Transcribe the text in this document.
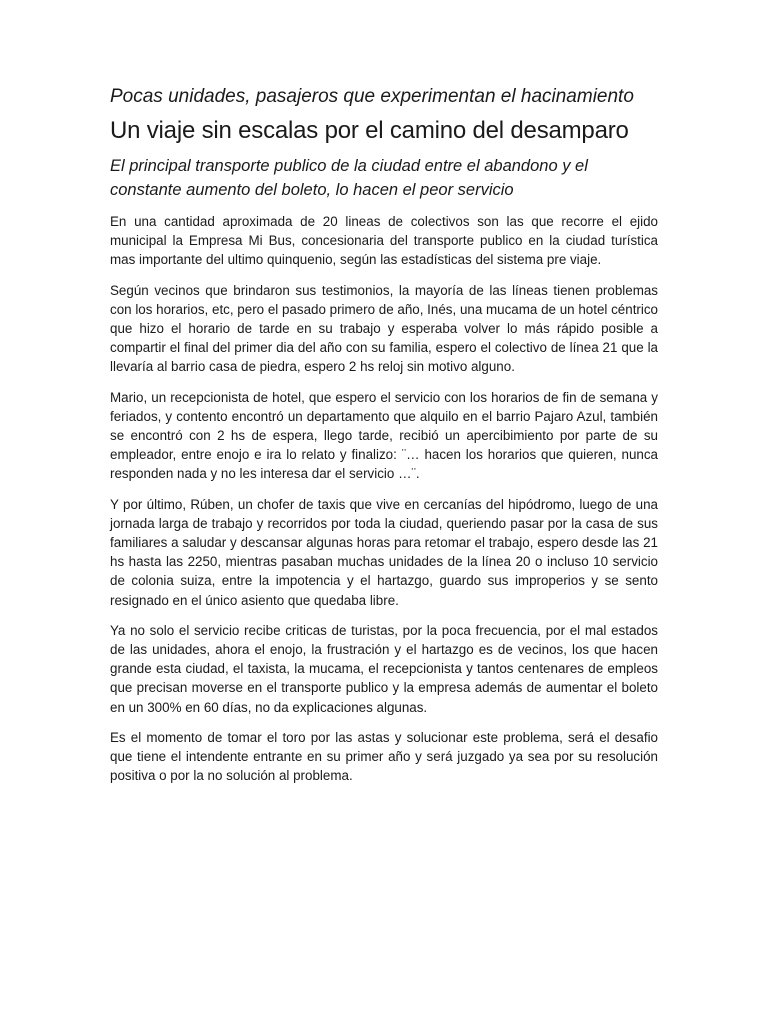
Pocas unidades, pasajeros que experimentan el hacinamiento
Un viaje sin escalas por el camino del desamparo
El principal transporte publico de la ciudad entre el abandono y el constante aumento del boleto, lo hacen el peor servicio

En una cantidad aproximada de 20 lineas de colectivos son las que recorre el ejido municipal la Empresa Mi Bus, concesionaria del transporte publico en la ciudad turística mas importante del ultimo quinquenio, según las estadísticas del sistema pre viaje.

Según vecinos que brindaron sus testimonios, la mayoría de las líneas tienen problemas con los horarios, etc, pero el pasado primero de año, Inés, una mucama de un hotel céntrico que hizo el horario de tarde en su trabajo y esperaba volver lo más rápido posible a compartir el final del primer dia del año con su familia, espero el colectivo de línea 21 que la llevaría al barrio casa de piedra, espero 2 hs reloj sin motivo alguno.

Mario, un recepcionista de hotel, que espero el servicio con los horarios de fin de semana y feriados, y contento encontró un departamento que alquilo en el barrio Pajaro Azul, también se encontró con 2 hs de espera, llego tarde, recibió un apercibimiento por parte de su empleador, entre enojo e ira lo relato y finalizo: ¨… hacen los horarios que quieren, nunca responden nada y no les interesa dar el servicio …¨.

Y por último, Rúben, un chofer de taxis que vive en cercanías del hipódromo, luego de una jornada larga de trabajo y recorridos por toda la ciudad, queriendo pasar por la casa de sus familiares a saludar y descansar algunas horas para retomar el trabajo, espero desde las 21 hs hasta las 2250, mientras pasaban muchas unidades de la línea 20 o incluso 10 servicio de colonia suiza, entre la impotencia y el hartazgo, guardo sus improperios y se sento resignado en el único asiento que quedaba libre.

Ya no solo el servicio recibe criticas de turistas, por la poca frecuencia, por el mal estados de las unidades, ahora el enojo, la frustración y el hartazgo es de vecinos, los que hacen grande esta ciudad, el taxista, la mucama, el recepcionista y tantos centenares de empleos que precisan moverse en el transporte publico y la empresa además de aumentar el boleto en un 300% en 60 días, no da explicaciones algunas.

Es el momento de tomar el toro por las astas y solucionar este problema, será el desafio que tiene el intendente entrante en su primer año y será juzgado ya sea por su resolución positiva o por la no solución al problema.
